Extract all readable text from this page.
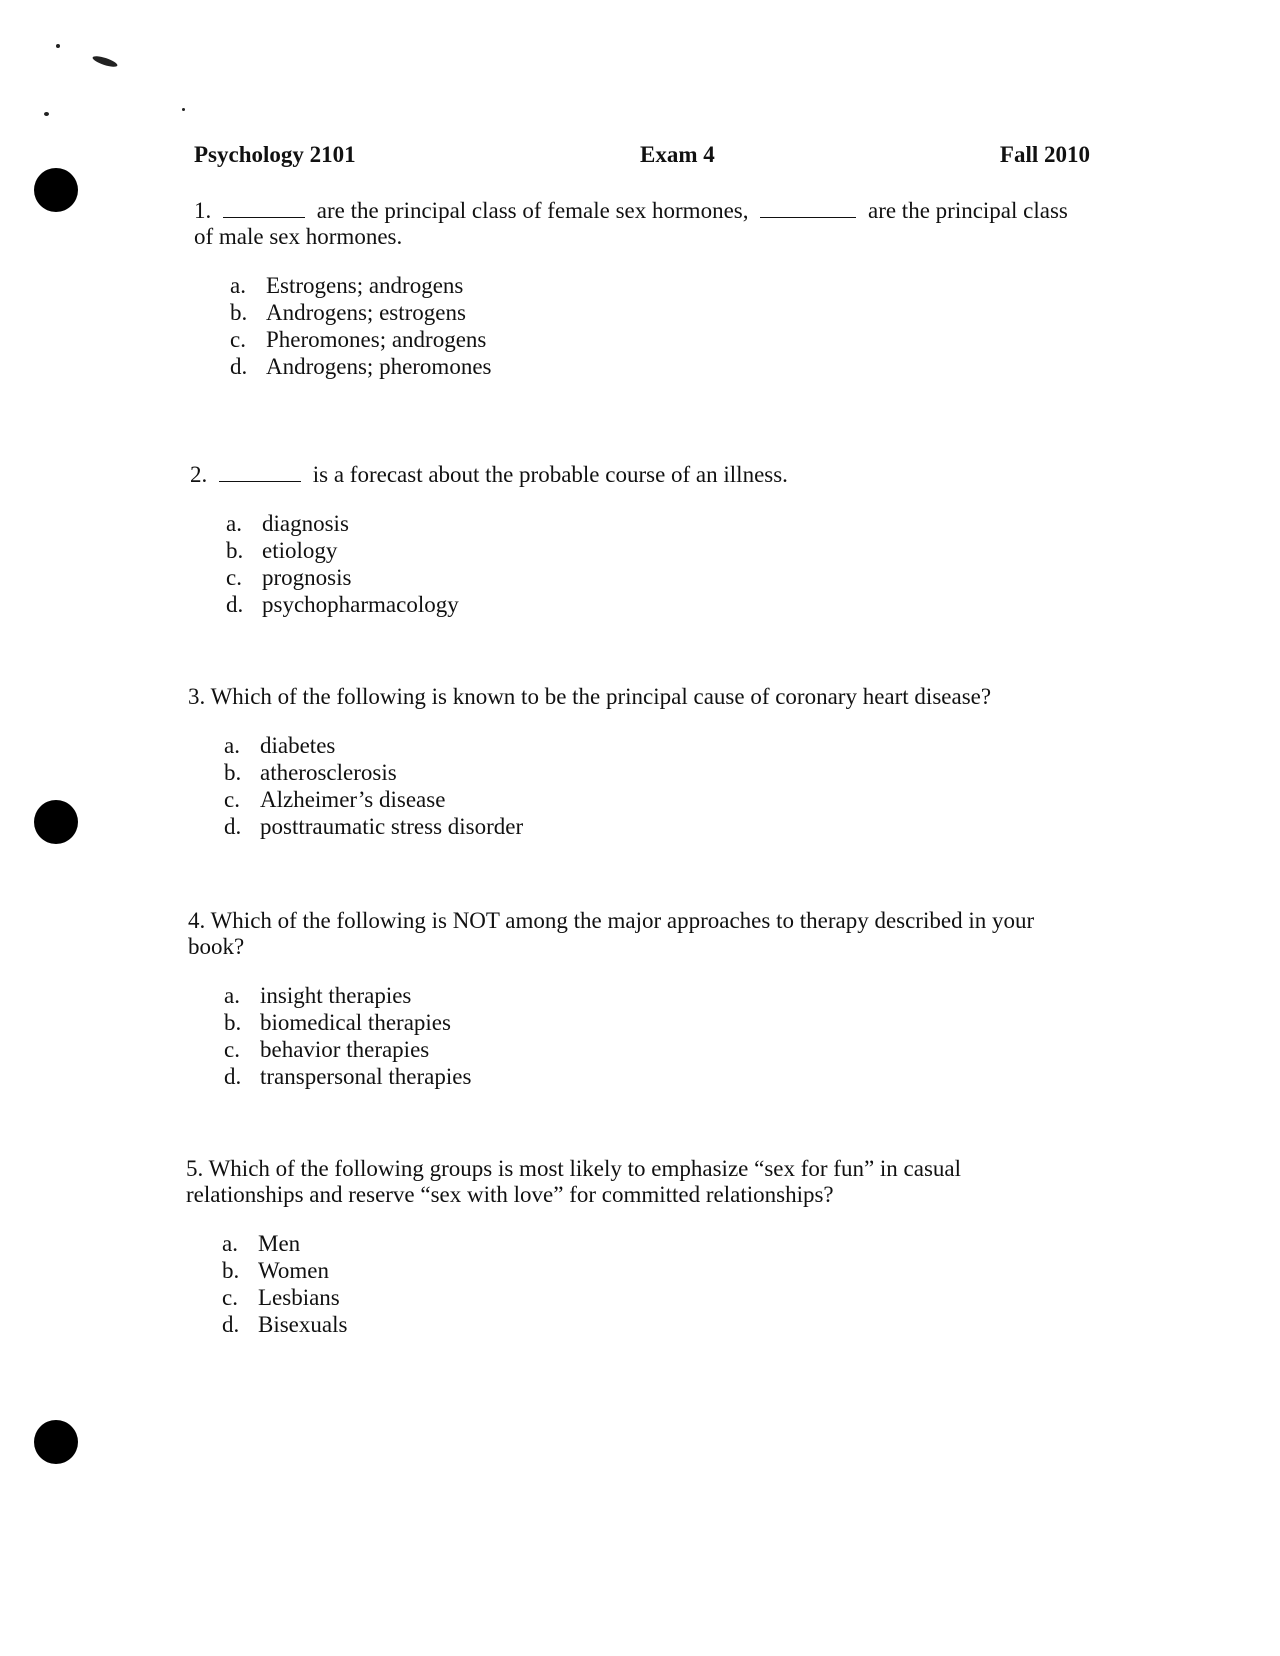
Psychology 2101	Exam 4	Fall 2010

1.	are the principal class of female sex hormones,	are the principal class of male sex hormones.

a. Estrogens; androgens
b. Androgens; estrogens
c. Pheromones; androgens
d. Androgens; pheromones

2.	is a forecast about the probable course of an illness.

a. diagnosis
b. etiology
c. prognosis
d. psychopharmacology

3. Which of the following is known to be the principal cause of coronary heart disease?

a. diabetes
b. atherosclerosis
c. Alzheimer’s disease
d. posttraumatic stress disorder

4. Which of the following is NOT among the major approaches to therapy described in your book?

a. insight therapies
b. biomedical therapies
c. behavior therapies
d. transpersonal therapies

5. Which of the following groups is most likely to emphasize “sex for fun” in casual relationships and reserve “sex with love” for committed relationships?

a. Men
b. Women
c. Lesbians
d. Bisexuals
